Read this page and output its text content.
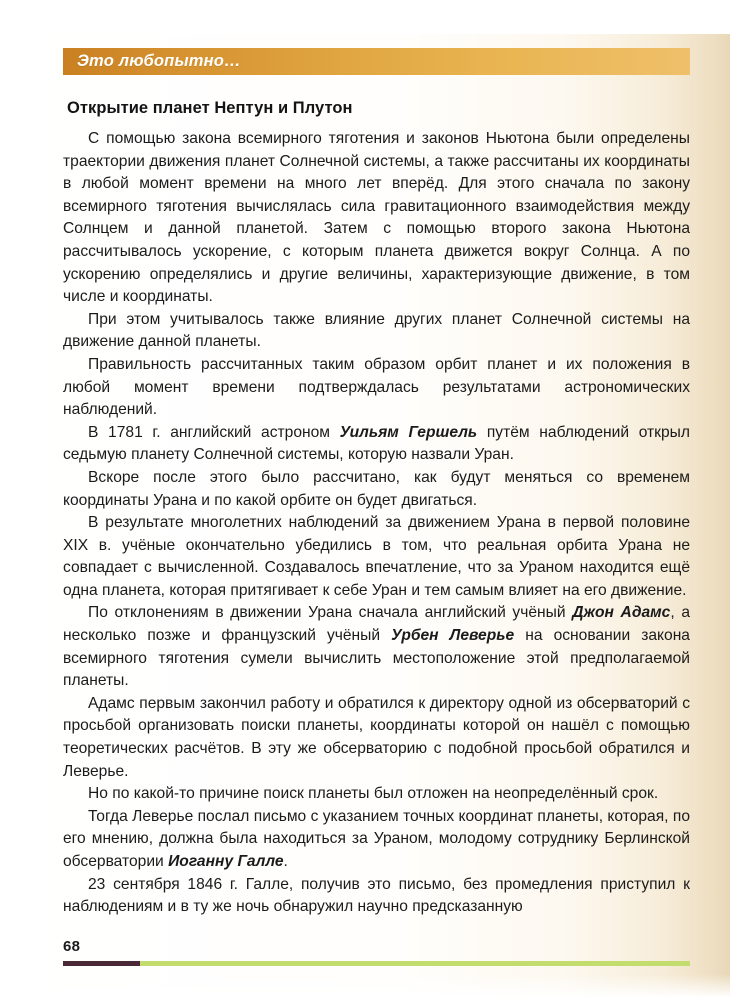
Это любопытно…
Открытие планет Нептун и Плутон

С помощью закона всемирного тяготения и законов Ньютона были определены траектории движения планет Солнечной системы, а также рассчитаны их координаты в любой момент времени на много лет вперёд. Для этого сначала по закону всемирного тяготения вычислялась сила гравитационного взаимодействия между Солнцем и данной планетой. Затем с помощью второго закона Ньютона рассчитывалось ускорение, с которым планета движется вокруг Солнца. А по ускорению определялись и другие величины, характеризующие движение, в том числе и координаты.

При этом учитывалось также влияние других планет Солнечной системы на движение данной планеты.

Правильность рассчитанных таким образом орбит планет и их положения в любой момент времени подтверждалась результатами астрономических наблюдений.

В 1781 г. английский астроном Уильям Гершель путём наблюдений открыл седьмую планету Солнечной системы, которую назвали Уран.

Вскоре после этого было рассчитано, как будут меняться со временем координаты Урана и по какой орбите он будет двигаться.

В результате многолетних наблюдений за движением Урана в первой половине XIX в. учёные окончательно убедились в том, что реальная орбита Урана не совпадает с вычисленной. Создавалось впечатление, что за Ураном находится ещё одна планета, которая притягивает к себе Уран и тем самым влияет на его движение.

По отклонениям в движении Урана сначала английский учёный Джон Адамс, а несколько позже и французский учёный Урбен Леверье на основании закона всемирного тяготения сумели вычислить местоположение этой предполагаемой планеты.

Адамс первым закончил работу и обратился к директору одной из обсерваторий с просьбой организовать поиски планеты, координаты которой он нашёл с помощью теоретических расчётов. В эту же обсерваторию с подобной просьбой обратился и Леверье.

Но по какой-то причине поиск планеты был отложен на неопределённый срок.

Тогда Леверье послал письмо с указанием точных координат планеты, которая, по его мнению, должна была находиться за Ураном, молодому сотруднику Берлинской обсерватории Иоганну Галле.

23 сентября 1846 г. Галле, получив это письмо, без промедления приступил к наблюдениям и в ту же ночь обнаружил научно предсказанную

68
